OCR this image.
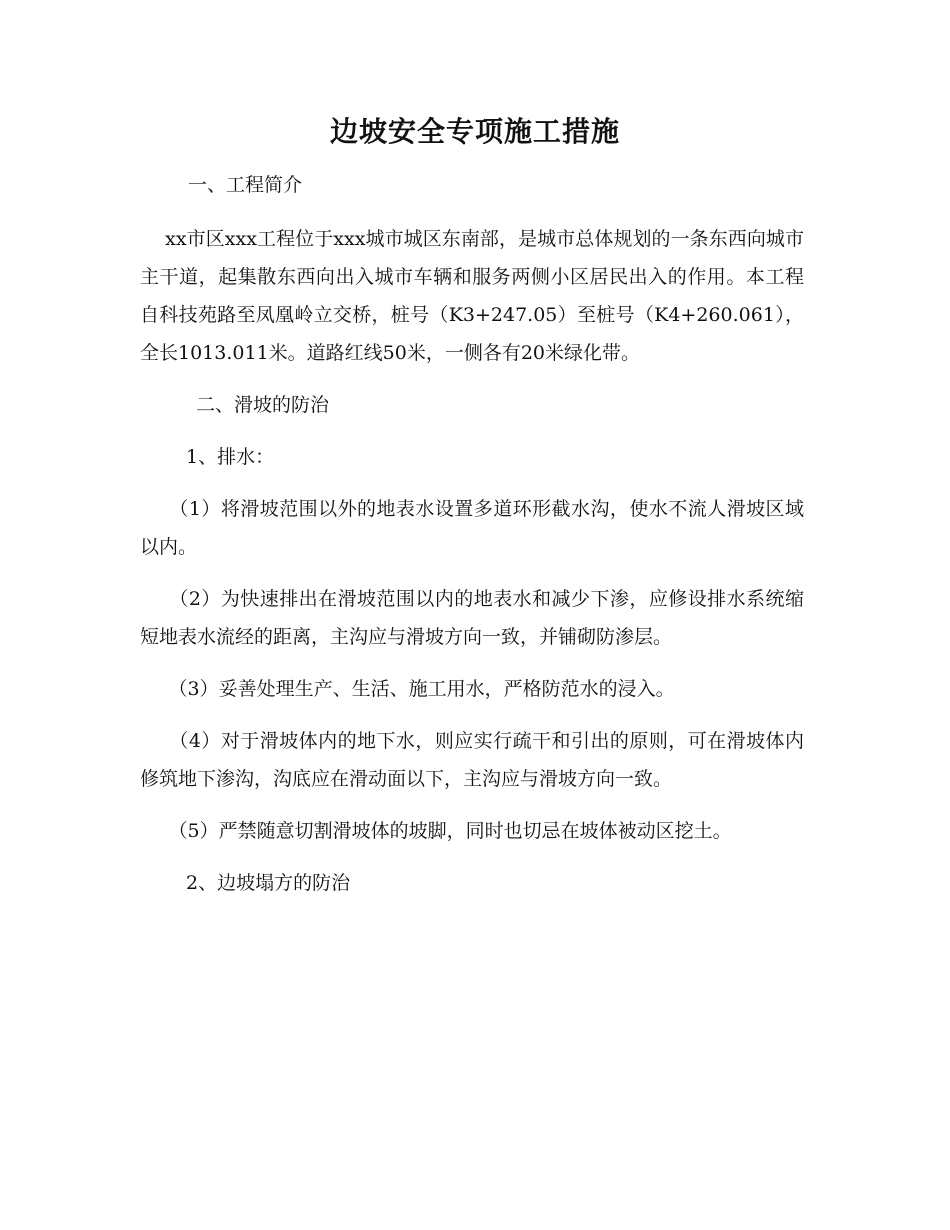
边坡安全专项施工措施

一、工程简介

　 xx市区xxx工程位于xxx城市城区东南部，是城市总体规划的一条东西向城市主干道，起集散东西向出入城市车辆和服务两侧小区居民出入的作用。本工程自科技苑路至凤凰岭立交桥，桩号（K3+247.05）至桩号（K4+260.061），全长1013.011米。道路红线50米，一侧各有20米绿化带。

二、滑坡的防治

1、排水：

　　（1）将滑坡范围以外的地表水设置多道环形截水沟，使水不流人滑坡区域以内。

　　（2）为快速排出在滑坡范围以内的地表水和减少下渗，应修设排水系统缩短地表水流经的距离，主沟应与滑坡方向一致，并铺砌防渗层。

　　（3）妥善处理生产、生活、施工用水，严格防范水的浸入。

　　（4）对于滑坡体内的地下水，则应实行疏干和引出的原则，可在滑坡体内修筑地下渗沟，沟底应在滑动面以下，主沟应与滑坡方向一致。

　　（5）严禁随意切割滑坡体的坡脚，同时也切忌在坡体被动区挖土。

2、边坡塌方的防治
